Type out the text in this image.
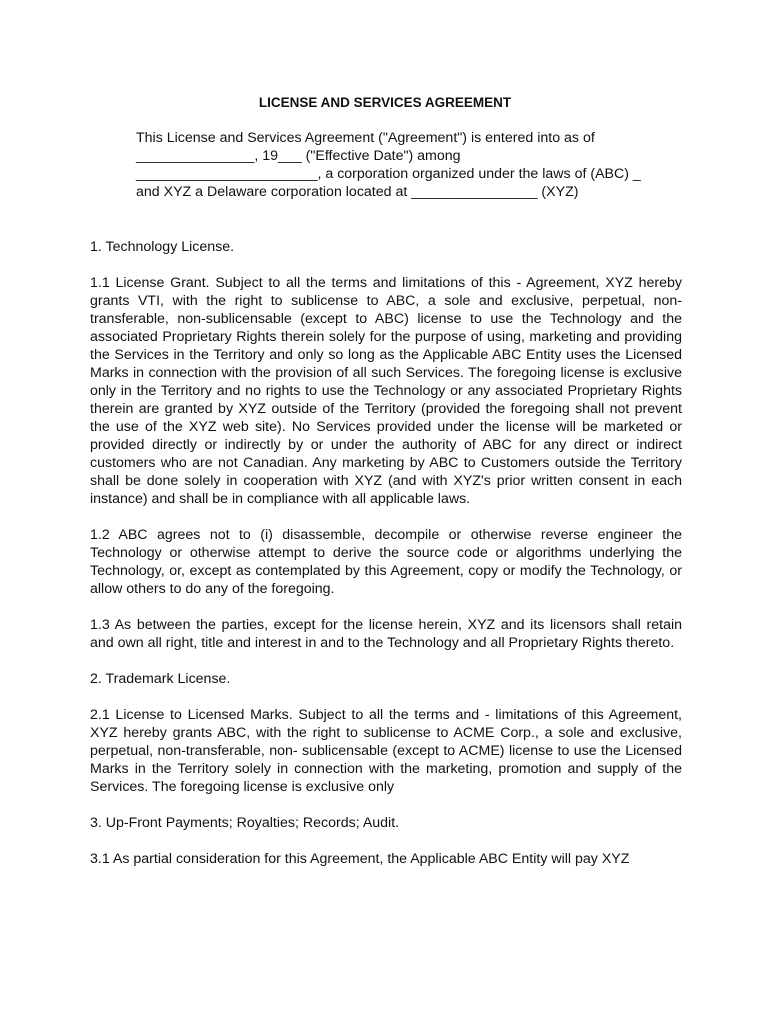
LICENSE AND SERVICES AGREEMENT
This License and Services Agreement ("Agreement") is entered into as of
_______________, 19___ ("Effective Date") among
_______________________, a corporation organized under the laws of (ABC) _
and XYZ a Delaware corporation located at ________________ (XYZ)

1. Technology License.

1.1 License Grant. Subject to all the terms and limitations of this - Agreement, XYZ hereby grants VTI, with the right to sublicense to ABC, a sole and exclusive, perpetual, non-transferable, non-sublicensable (except to ABC) license to use the Technology and the associated Proprietary Rights therein solely for the purpose of using, marketing and providing the Services in the Territory and only so long as the Applicable ABC Entity uses the Licensed Marks in connection with the provision of all such Services. The foregoing license is exclusive only in the Territory and no rights to use the Technology or any associated Proprietary Rights therein are granted by XYZ outside of the Territory (provided the foregoing shall not prevent the use of the XYZ web site). No Services provided under the license will be marketed or provided directly or indirectly by or under the authority of ABC for any direct or indirect customers who are not Canadian. Any marketing by ABC to Customers outside the Territory shall be done solely in cooperation with XYZ (and with XYZ's prior written consent in each instance) and shall be in compliance with all applicable laws.

1.2 ABC agrees not to (i) disassemble, decompile or otherwise reverse engineer the Technology or otherwise attempt to derive the source code or algorithms underlying the Technology, or, except as contemplated by this Agreement, copy or modify the Technology, or allow others to do any of the foregoing.

1.3 As between the parties, except for the license herein, XYZ and its licensors shall retain and own all right, title and interest in and to the Technology and all Proprietary Rights thereto.

2. Trademark License.

2.1 License to Licensed Marks. Subject to all the terms and - limitations of this Agreement, XYZ hereby grants ABC, with the right to sublicense to ACME Corp., a sole and exclusive, perpetual, non-transferable, non- sublicensable (except to ACME) license to use the Licensed Marks in the Territory solely in connection with the marketing, promotion and supply of the Services. The foregoing license is exclusive only

3. Up-Front Payments; Royalties; Records; Audit.

3.1 As partial consideration for this Agreement, the Applicable ABC Entity will pay XYZ
